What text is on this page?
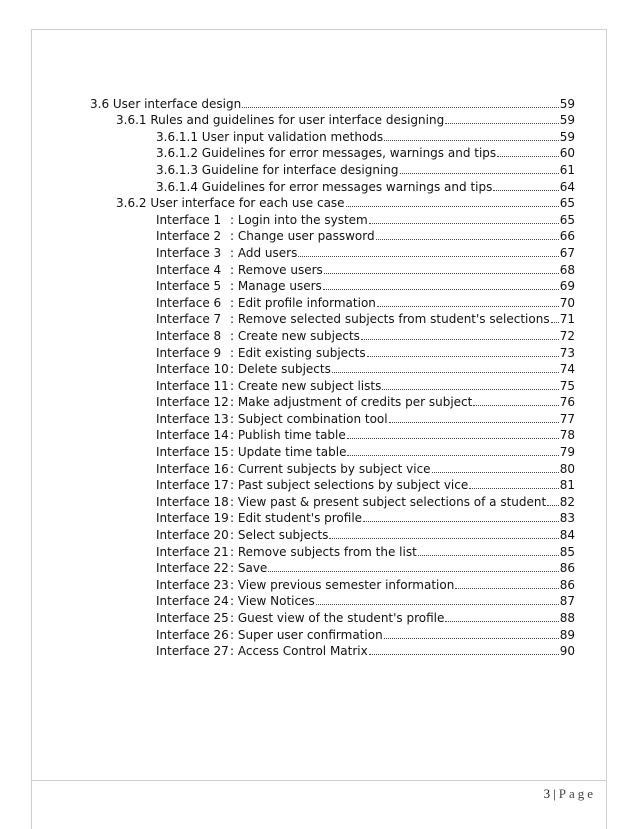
3.6 User interface design	59
3.6.1 Rules and guidelines for user interface designing	59
3.6.1.1 User input validation methods	59
3.6.1.2 Guidelines for error messages, warnings and tips	60
3.6.1.3 Guideline for interface designing	61
3.6.1.4 Guidelines for error messages warnings and tips	64
3.6.2 User interface for each use case	65
Interface 1 : Login into the system	65
Interface 2 : Change user password	66
Interface 3 : Add users	67
Interface 4 : Remove users	68
Interface 5 : Manage users	69
Interface 6 : Edit profile information	70
Interface 7 : Remove selected subjects from student's selections 71
Interface 8 : Create new subjects	72
Interface 9 : Edit existing subjects	73
Interface 10: Delete subjects	74
Interface 11: Create new subject lists	75
Interface 12: Make adjustment of credits per subject	76
Interface 13: Subject combination tool	77
Interface 14: Publish time table	78
Interface 15: Update time table	79
Interface 16: Current subjects by subject vice	80
Interface 17: Past subject selections by subject vice	81
Interface 18: View past & present subject selections of a student 82
Interface 19: Edit student's profile	83
Interface 20: Select subjects	84
Interface 21: Remove subjects from the list	85
Interface 22: Save	86
Interface 23: View previous semester information	86
Interface 24: View Notices	87
Interface 25: Guest view of the student's profile	88
Interface 26: Super user confirmation	89
Interface 27: Access Control Matrix	90
3 | Page
